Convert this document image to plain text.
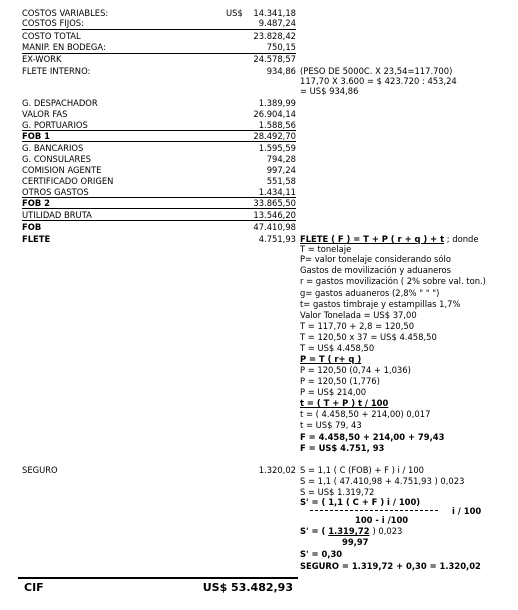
COSTOS VARIABLES:	US$ 14.341,18
COSTOS FIJOS:	9.487,24
COSTO TOTAL	23.828,42
MANIP. EN BODEGA:	750,15
EX-WORK	24.578,57
FLETE INTERNO:	934,86 (PESO DE 5000C. X 23,54=117.700)
117,70 X 3.600 = $ 423.720 : 453,24
= US$ 934,86
G. DESPACHADOR	1.389,99
VALOR FAS	26.904,14
G. PORTUARIOS	1.588,56
FOB 1	28.492,70
G. BANCARIOS	1.595,59
G. CONSULARES	794,28
COMISION AGENTE	997,24
CERTIFICADO ORIGEN	551,58
OTROS GASTOS	1.434,11
FOB 2	33.865,50
UTILIDAD BRUTA	13.546,20
FOB	47.410,98
FLETE	4.751,93 FLETE ( F ) = T + P ( r + q ) + t ; donde
T = tonelaje
P= valor tonelaje considerando sólo
Gastos de movilización y aduaneros
r = gastos movilización ( 2% sobre val. ton.)
g= gastos aduaneros (2,8% " " ")
t= gastos timbraje y estampillas 1,7%
Valor Tonelada = US$ 37,00
T = 117,70 + 2,8 = 120,50
T = 120,50 x 37 = US$ 4.458,50
T = US$ 4.458,50
P = T ( r+ q )
P = 120,50 (0,74 + 1,036)
P = 120,50 (1,776)
P = US$ 214,00
t = ( T + P ) t / 100
t = ( 4.458,50 + 214,00) 0,017
t = US$ 79, 43
F = 4.458,50 + 214,00 + 79,43
F = US$ 4.751, 93
SEGURO	1.320,02 S = 1,1 ( C (FOB) + F ) i / 100
S = 1,1 ( 47.410,98 + 4.751,93 ) 0,023
S = US$ 1.319,72
S' = ( 1,1 ( C + F ) i / 100)
i / 100
100 - i /100
S' = ( 1.319,72 ) 0,023
99,97
S' = 0,30
SEGURO = 1.319,72 + 0,30 = 1.320,02
CIF	US$ 53.482,93
